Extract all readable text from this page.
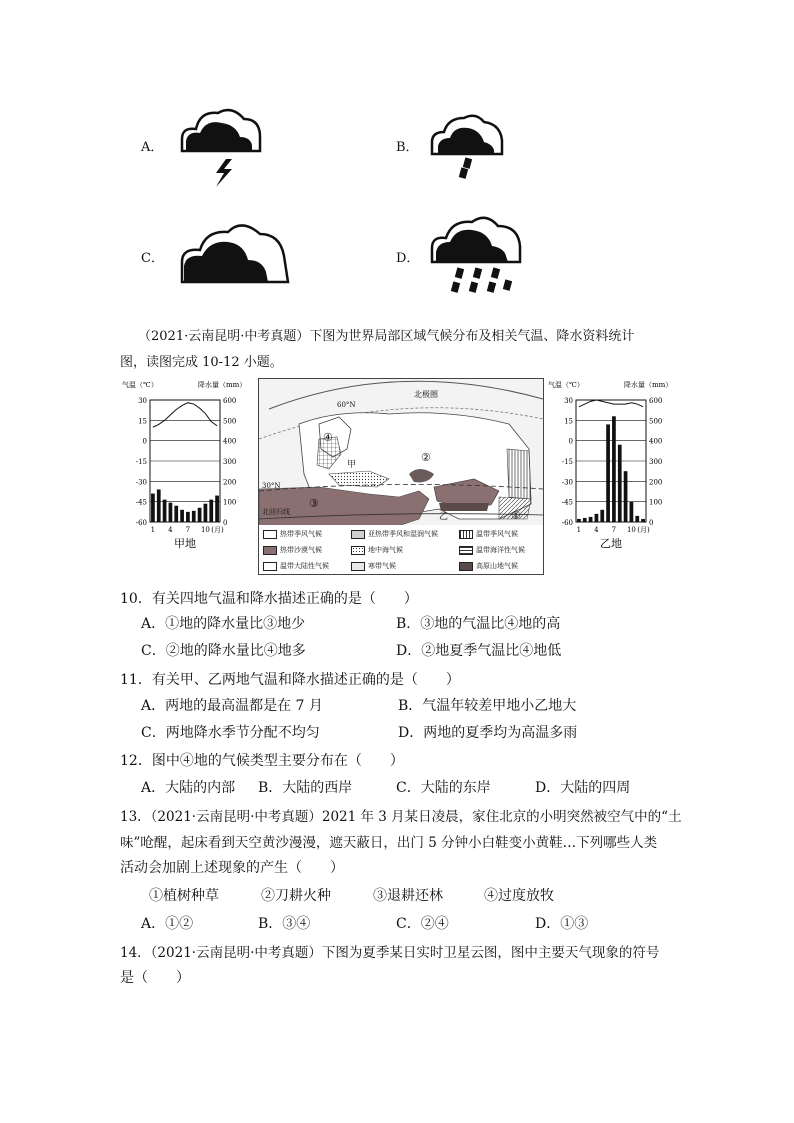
A．	B．
C．	D．
（2021·云南昆明·中考真题）下图为世界局部区域气候分布及相关气温、降水资料统计
图，读图完成 10-12 小题。
气温（℃）	降水量（mm）
30	600
15	500
0	400
-15	300
-30	200
-45	100
-60	0
1 4 7 10 (月)
甲地
北极圈
60°N
30°N
北回归线
甲
乙	①
②
③
④
热带季风气候	亚热带季风和湿润气候	温带季风气候
热带沙漠气候	地中海气候	温带海洋性气候
温带大陆性气候	寒带气候	高原山地气候
气温（℃）	降水量（mm）
30	600
15	500
0	400
-15	300
-30	200
-45	100
-60	0
1 4 7 10 (月)
乙地
10．有关四地气温和降水描述正确的是（　　）
A．①地的降水量比③地少	B．③地的气温比④地的高
C．②地的降水量比④地多	D．②地夏季气温比④地低
11．有关甲、乙两地气温和降水描述正确的是（　　）
A．两地的最高温都是在 7 月	B．气温年较差甲地小乙地大
C．两地降水季节分配不均匀	D．两地的夏季均为高温多雨
12．图中④地的气候类型主要分布在（　　）
A．大陆的内部 B．大陆的西岸	C．大陆的东岸	D．大陆的四周
13．（2021·云南昆明·中考真题）2021 年 3 月某日凌晨，家住北京的小明突然被空气中的“土
味”呛醒，起床看到天空黄沙漫漫，遮天蔽日，出门 5 分钟小白鞋变小黄鞋…下列哪些人类
活动会加剧上述现象的产生（　　）
①植树种草	②刀耕火种	③退耕还林	④过度放牧
A．①②	B．③④	C．②④	D．①③
14．（2021·云南昆明·中考真题）下图为夏季某日实时卫星云图，图中主要天气现象的符号
是（　　）
